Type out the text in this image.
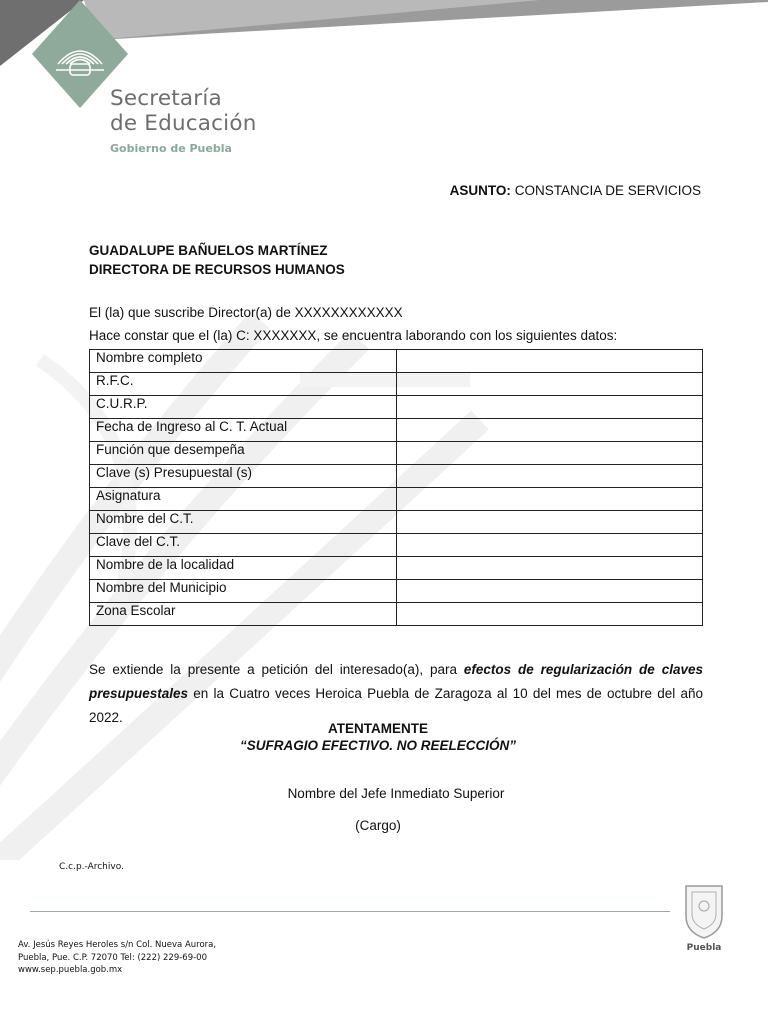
Secretaría
de Educación
Gobierno de Puebla
ASUNTO: CONSTANCIA DE SERVICIOS
GUADALUPE BAÑUELOS MARTÍNEZ
DIRECTORA DE RECURSOS HUMANOS
El (la) que suscribe Director(a) de XXXXXXXXXXXX
Hace constar que el (la) C: XXXXXXX, se encuentra laborando con los siguientes datos:
Nombre completo	
R.F.C.	
C.U.R.P.	
Fecha de Ingreso al C. T. Actual	
Función que desempeña	
Clave (s) Presupuestal (s)	
Asignatura	
Nombre del C.T.	
Clave del C.T.	
Nombre de la localidad	
Nombre del Municipio	
Zona Escolar	
Se extiende la presente a petición del interesado(a), para efectos de regularización de claves presupuestales en la Cuatro veces Heroica Puebla de Zaragoza al 10 del mes de octubre del año 2022.
ATENTAMENTE
“SUFRAGIO EFECTIVO. NO REELECCIÓN”
Nombre del Jefe Inmediato Superior
(Cargo)
C.c.p.-Archivo.
Av. Jesús Reyes Heroles s/n Col. Nueva Aurora,
Puebla, Pue. C.P. 72070 Tel: (222) 229-69-00
www.sep.puebla.gob.mx
Puebla
